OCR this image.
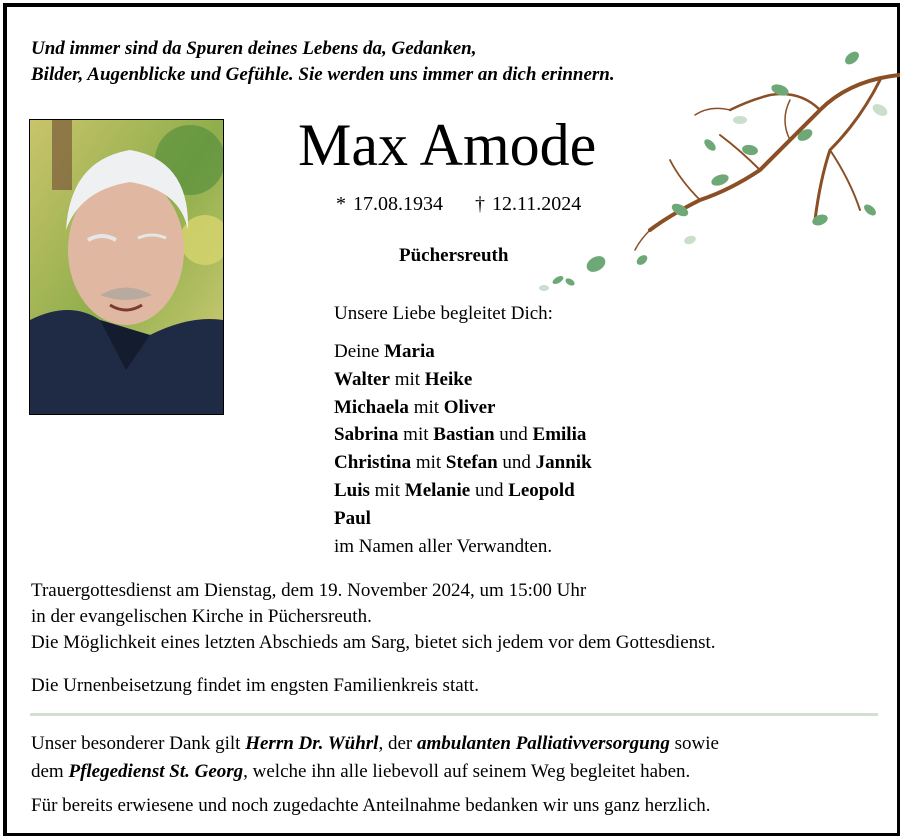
Und immer sind da Spuren deines Lebens da, Gedanken,
Bilder, Augenblicke und Gefühle. Sie werden uns immer an dich erinnern.
Max Amode
* 17.08.1934 † 12.11.2024
Püchersreuth
Unsere Liebe begleitet Dich:
Deine Maria
Walter mit Heike
Michaela mit Oliver
Sabrina mit Bastian und Emilia
Christina mit Stefan und Jannik
Luis mit Melanie und Leopold
Paul
im Namen aller Verwandten.
Trauergottesdienst am Dienstag, dem 19. November 2024, um 15:00 Uhr
in der evangelischen Kirche in Püchersreuth.
Die Möglichkeit eines letzten Abschieds am Sarg, bietet sich jedem vor dem Gottesdienst.
Die Urnenbeisetzung findet im engsten Familienkreis statt.
Unser besonderer Dank gilt Herrn Dr. Wührl, der ambulanten Palliativversorgung sowie
dem Pflegedienst St. Georg, welche ihn alle liebevoll auf seinem Weg begleitet haben.
Für bereits erwiesene und noch zugedachte Anteilnahme bedanken wir uns ganz herzlich.
